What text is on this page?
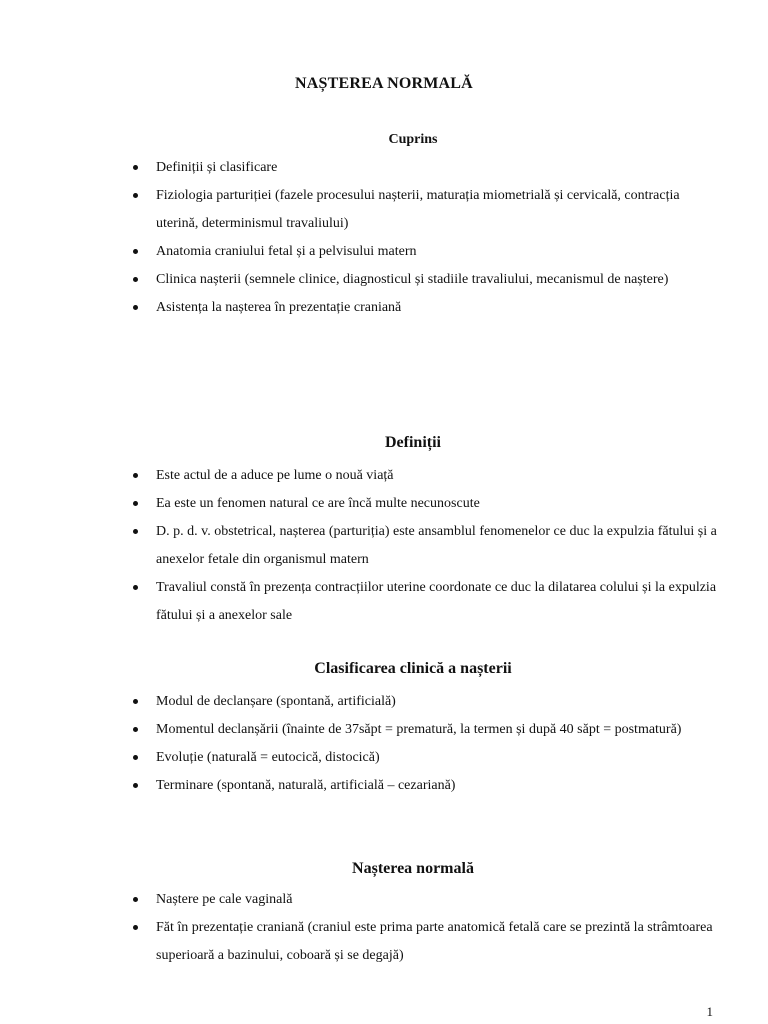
NAȘTEREA NORMALĂ
Cuprins
Definiții și clasificare
Fiziologia parturiției (fazele procesului nașterii, maturația miometrială și cervicală, contracția uterină, determinismul travaliului)
Anatomia craniului fetal și a pelvisului matern
Clinica nașterii (semnele clinice, diagnosticul și stadiile travaliului, mecanismul de naștere)
Asistența la nașterea în prezentație craniană
Definiții
Este actul de a aduce pe lume o nouă viață
Ea este un fenomen natural ce are încă multe necunoscute
D. p. d. v. obstetrical, nașterea (parturiția) este ansamblul fenomenelor ce duc la expulzia fătului și a anexelor fetale din organismul matern
Travaliul constă în prezența contracțiilor uterine coordonate ce duc la dilatarea colului și la expulzia fătului și a anexelor sale
Clasificarea clinică a nașterii
Modul de declanșare (spontană, artificială)
Momentul declanșării (înainte de 37săpt = prematură, la termen și după 40 săpt = postmatură)
Evoluție (naturală = eutocică, distocică)
Terminare (spontană, naturală, artificială – cezariană)
Nașterea normală
Naștere pe cale vaginală
Făt în prezentație craniană (craniul este prima parte anatomică fetală care se prezintă la strâmtoarea superioară a bazinului, coboară și se degajă)
1
